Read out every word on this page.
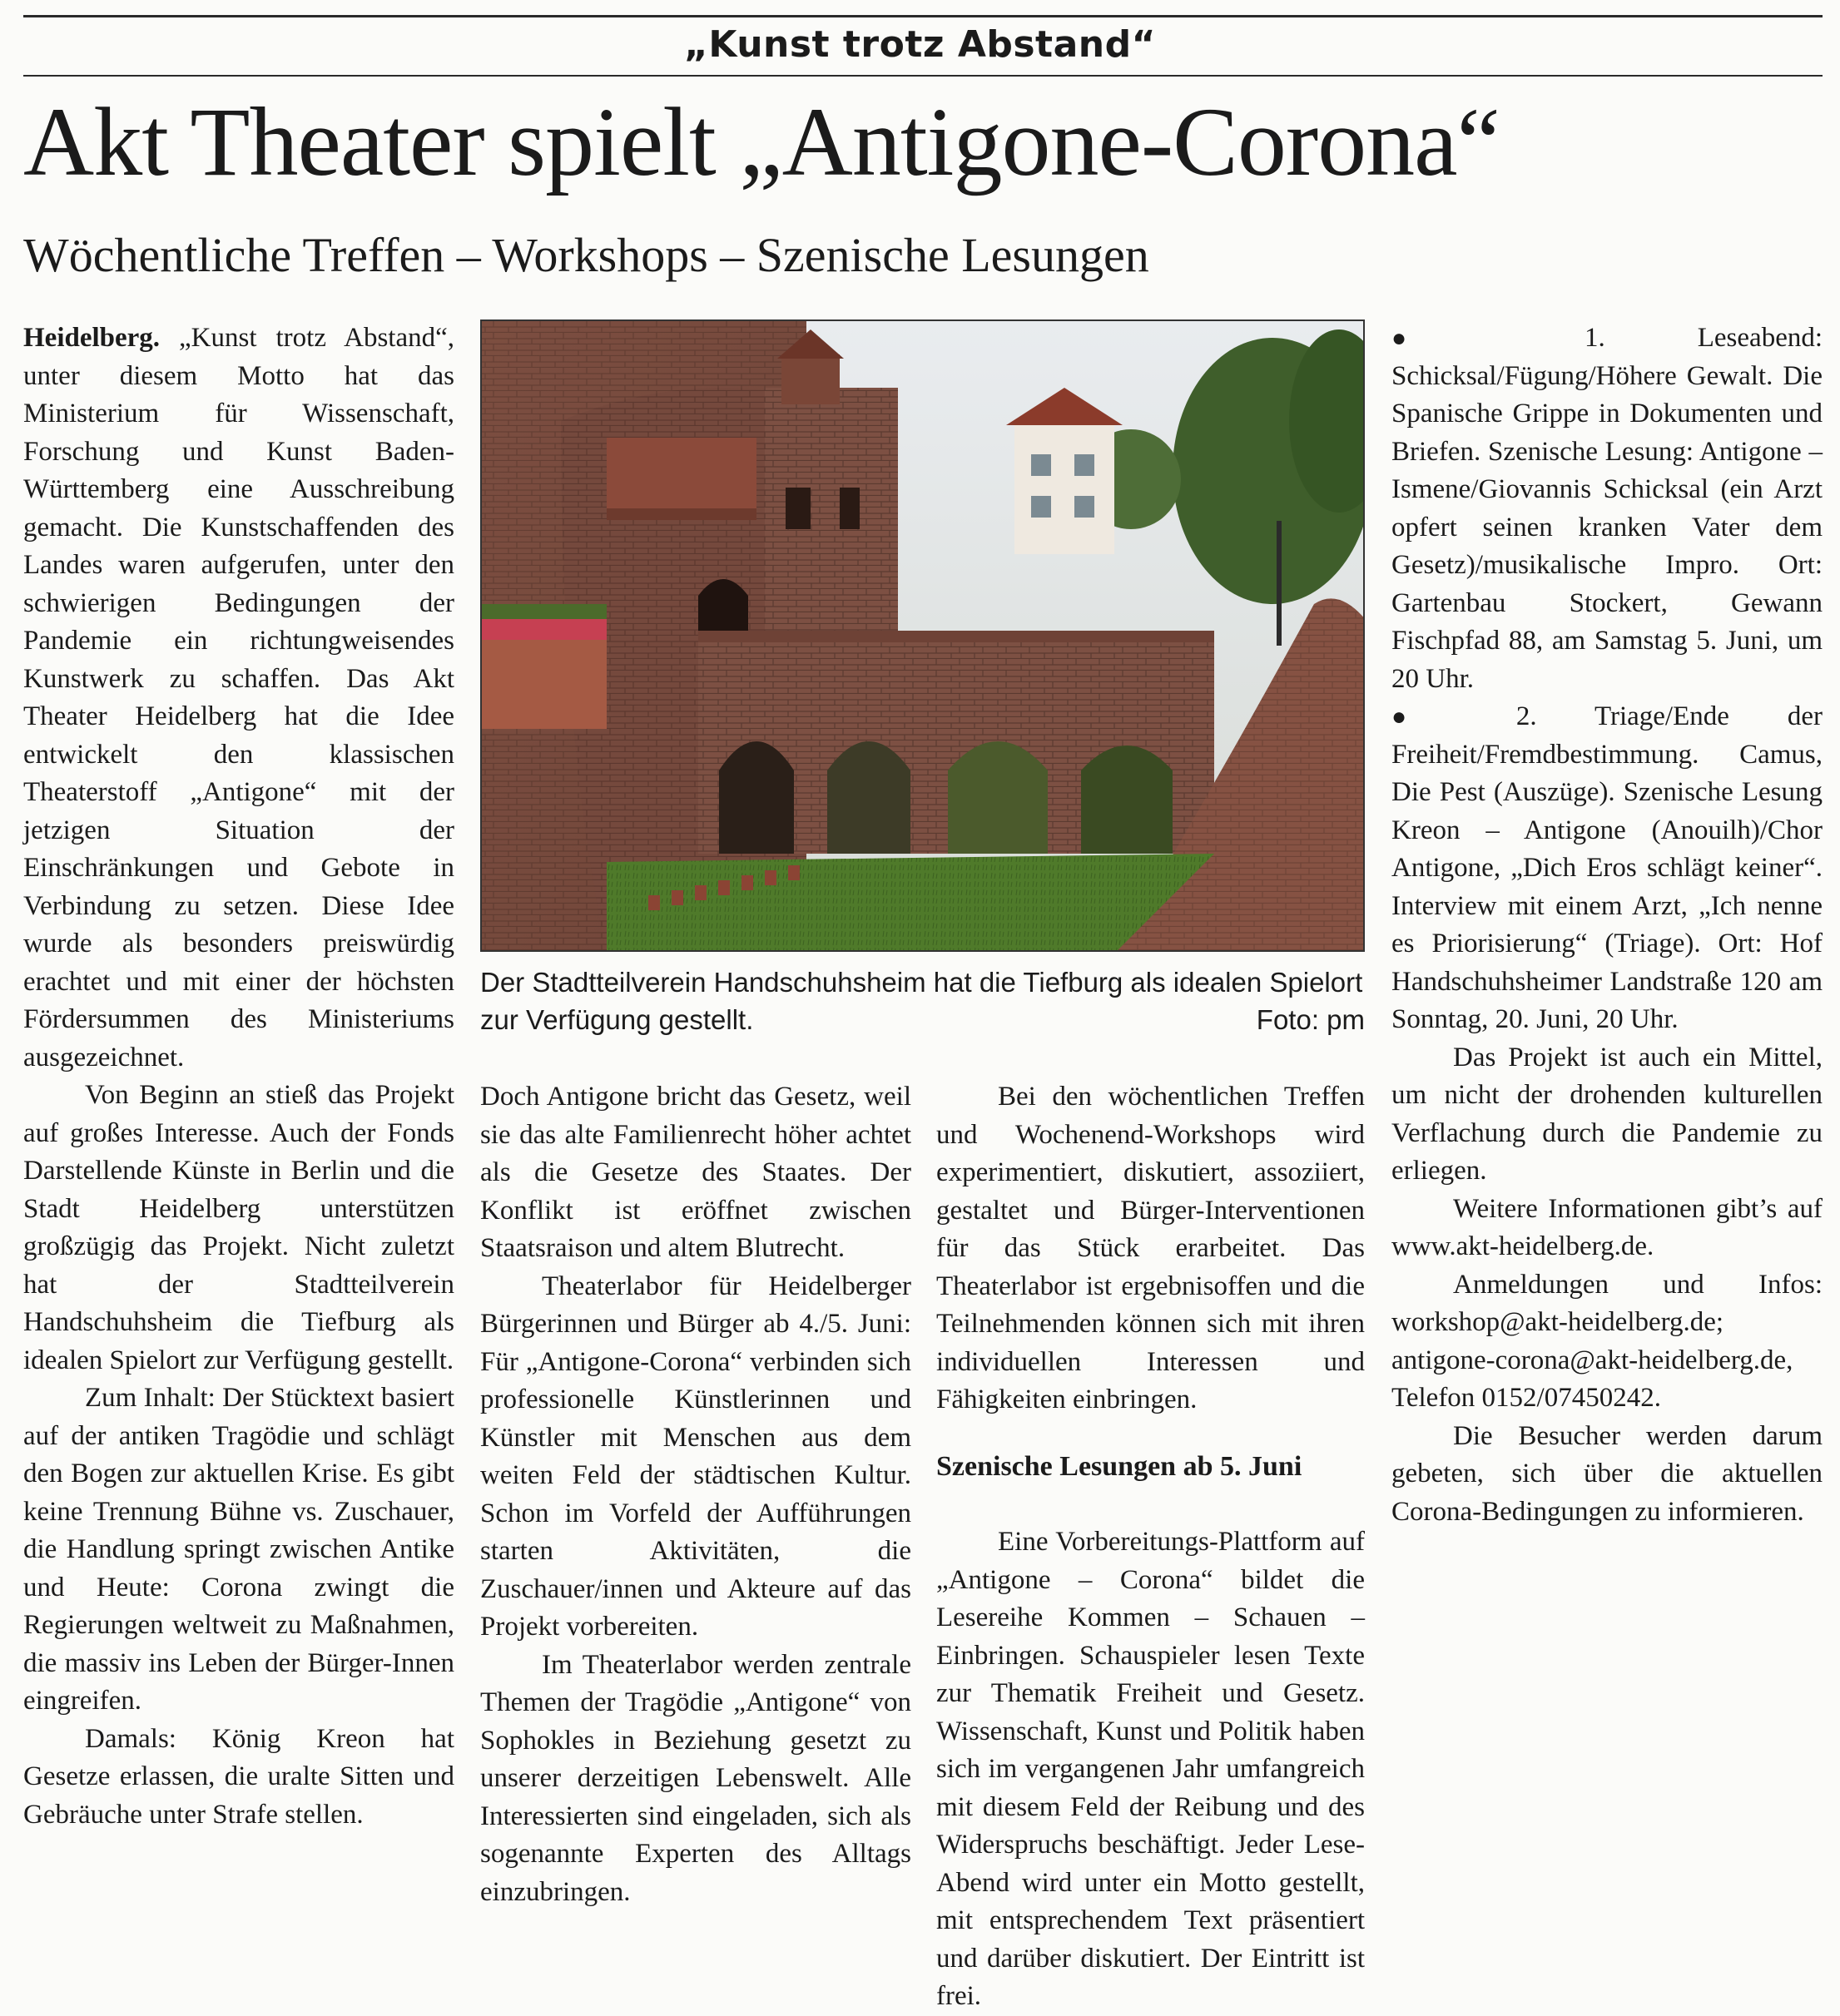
„Kunst trotz Abstand“
Akt Theater spielt „Antigone-Corona“
Wöchentliche Treffen – Workshops – Szenische Lesungen

Heidelberg. „Kunst trotz Abstand“, unter diesem Motto hat das Ministerium für Wissenschaft, Forschung und Kunst Baden-Württemberg eine Ausschreibung gemacht. Die Kunstschaffenden des Landes waren aufgerufen, unter den schwierigen Bedingungen der Pandemie ein richtungweisendes Kunstwerk zu schaffen. Das Akt Theater Heidelberg hat die Idee entwickelt den klassischen Theaterstoff „Antigone“ mit der jetzigen Situation der Einschränkungen und Gebote in Verbindung zu setzen. Diese Idee wurde als besonders preiswürdig erachtet und mit einer der höchsten Fördersummen des Ministeriums ausgezeichnet.

Von Beginn an stieß das Projekt auf großes Interesse. Auch der Fonds Darstellende Künste in Berlin und die Stadt Heidelberg unterstützen großzügig das Projekt. Nicht zuletzt hat der Stadtteilverein Handschuhsheim die Tiefburg als idealen Spielort zur Verfügung gestellt.

Zum Inhalt: Der Stücktext basiert auf der antiken Tragödie und schlägt den Bogen zur aktuellen Krise. Es gibt keine Trennung Bühne vs. Zuschauer, die Handlung springt zwischen Antike und Heute: Corona zwingt die Regierungen weltweit zu Maßnahmen, die massiv ins Leben der Bürger-Innen eingreifen.

Damals: König Kreon hat Gesetze erlassen, die uralte Sitten und Gebräuche unter Strafe stellen.

Der Stadtteilverein Handschuhsheim hat die Tiefburg als idealen Spielort zur Verfügung gestellt.	Foto: pm

Doch Antigone bricht das Gesetz, weil sie das alte Familienrecht höher achtet als die Gesetze des Staates. Der Konflikt ist eröffnet zwischen Staatsraison und altem Blutrecht.

Theaterlabor für Heidelberger Bürgerinnen und Bürger ab 4./5. Juni: Für „Antigone-Corona“ verbinden sich professionelle Künstlerinnen und Künstler mit Menschen aus dem weiten Feld der städtischen Kultur. Schon im Vorfeld der Aufführungen starten Aktivitäten, die Zuschauer/innen und Akteure auf das Projekt vorbereiten.

Im Theaterlabor werden zentrale Themen der Tragödie „Antigone“ von Sophokles in Beziehung gesetzt zu unserer derzeitigen Lebenswelt. Alle Interessierten sind eingeladen, sich als sogenannte Experten des Alltags einzubringen.

Bei den wöchentlichen Treffen und Wochenend-Workshops wird experimentiert, diskutiert, assoziiert, gestaltet und Bürger-Interventionen für das Stück erarbeitet. Das Theaterlabor ist ergebnisoffen und die Teilnehmenden können sich mit ihren individuellen Interessen und Fähigkeiten einbringen.

Szenische Lesungen ab 5. Juni

Eine Vorbereitungs-Plattform auf „Antigone – Corona“ bildet die Lesereihe Kommen – Schauen – Einbringen. Schauspieler lesen Texte zur Thematik Freiheit und Gesetz. Wissenschaft, Kunst und Politik haben sich im vergangenen Jahr umfangreich mit diesem Feld der Reibung und des Widerspruchs beschäftigt. Jeder Lese-Abend wird unter ein Motto gestellt, mit entsprechendem Text präsentiert und darüber diskutiert. Der Eintritt ist frei.

●	1. Leseabend: Schicksal/Fügung/Höhere Gewalt. Die Spanische Grippe in Dokumenten und Briefen. Szenische Lesung: Antigone – Ismene/Giovannis Schicksal (ein Arzt opfert seinen kranken Vater dem Gesetz)/musikalische Impro. Ort: Gartenbau Stockert, Gewann Fischpfad 88, am Samstag 5. Juni, um 20 Uhr.

● 2. Triage/Ende der Freiheit/Fremdbestimmung. Camus, Die Pest (Auszüge). Szenische Lesung Kreon – Antigone (Anouilh)/Chor Antigone, „Dich Eros schlägt keiner“. Interview mit einem Arzt, „Ich nenne es Priorisierung“ (Triage). Ort: Hof Handschuhsheimer Landstraße 120 am Sonntag, 20. Juni, 20 Uhr.

Das Projekt ist auch ein Mittel, um nicht der drohenden kulturellen Verflachung durch die Pandemie zu erliegen.

Weitere Informationen gibt’s auf www.akt-heidelberg.de.

Anmeldungen und Infos: workshop@akt-heidelberg.de; antigone-corona@akt-heidelberg.de, Telefon 0152/07450242.

Die Besucher werden darum gebeten, sich über die aktuellen Corona-Bedingungen zu informieren.
